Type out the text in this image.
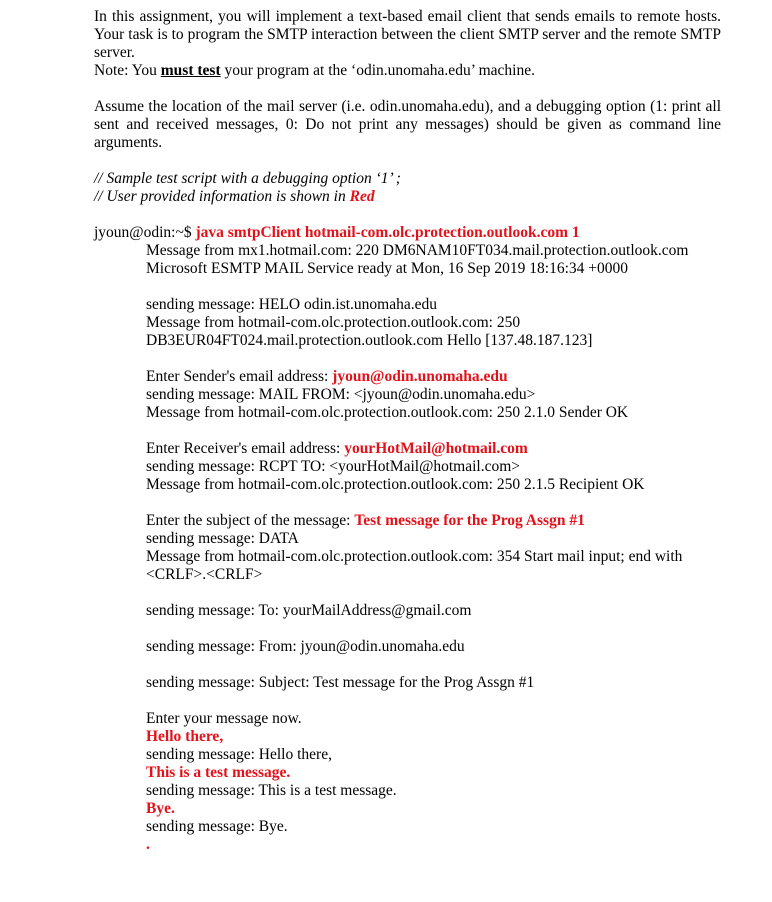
In this assignment, you will implement a text-based email client that sends emails to remote hosts. Your task is to program the SMTP interaction between the client SMTP server and the remote SMTP server.

Note: You must test your program at the ‘odin.unomaha.edu’ machine.

Assume the location of the mail server (i.e. odin.unomaha.edu), and a debugging option (1: print all sent and received messages, 0: Do not print any messages) should be given as command line arguments.

// Sample test script with a debugging option ‘1’ ;

// User provided information is shown in Red

jyoun@odin:~$ java smtpClient hotmail-com.olc.protection.outlook.com 1

Message from mx1.hotmail.com: 220 DM6NAM10FT034.mail.protection.outlook.com

Microsoft ESMTP MAIL Service ready at Mon, 16 Sep 2019 18:16:34 +0000

sending message: HELO odin.ist.unomaha.edu

Message from hotmail-com.olc.protection.outlook.com: 250

DB3EUR04FT024.mail.protection.outlook.com Hello [137.48.187.123]

Enter Sender's email address: jyoun@odin.unomaha.edu

sending message: MAIL FROM: <jyoun@odin.unomaha.edu>

Message from hotmail-com.olc.protection.outlook.com: 250 2.1.0 Sender OK

Enter Receiver's email address: yourHotMail@hotmail.com

sending message: RCPT TO: <yourHotMail@hotmail.com>

Message from hotmail-com.olc.protection.outlook.com: 250 2.1.5 Recipient OK

Enter the subject of the message: Test message for the Prog Assgn #1

sending message: DATA

Message from hotmail-com.olc.protection.outlook.com: 354 Start mail input; end with

<CRLF>.<CRLF>

sending message: To: yourMailAddress@gmail.com

sending message: From: jyoun@odin.unomaha.edu

sending message: Subject: Test message for the Prog Assgn #1

Enter your message now.

Hello there,

sending message: Hello there,

This is a test message.

sending message: This is a test message.

Bye.

sending message: Bye.

.
